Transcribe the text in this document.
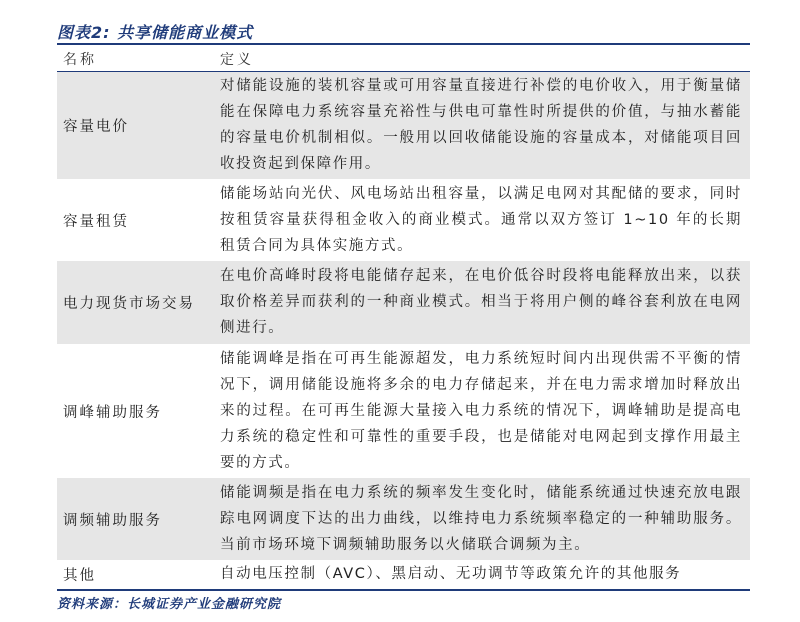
图表2: 共享储能商业模式
名称	定义
容量电价
对储能设施的装机容量或可用容量直接进行补偿的电价收入，用于衡量储能在保障电力系统容量充裕性与供电可靠性时所提供的价值，与抽水蓄能的容量电价机制相似。一般用以回收储能设施的容量成本，对储能项目回收投资起到保障作用。
容量租赁
储能场站向光伏、风电场站出租容量，以满足电网对其配储的要求，同时按租赁容量获得租金收入的商业模式。通常以双方签订 1~10 年的长期租赁合同为具体实施方式。
电力现货市场交易
在电价高峰时段将电能储存起来，在电价低谷时段将电能释放出来，以获取价格差异而获利的一种商业模式。相当于将用户侧的峰谷套利放在电网侧进行。
调峰辅助服务
储能调峰是指在可再生能源超发，电力系统短时间内出现供需不平衡的情况下，调用储能设施将多余的电力存储起来，并在电力需求增加时释放出来的过程。在可再生能源大量接入电力系统的情况下，调峰辅助是提高电力系统的稳定性和可靠性的重要手段，也是储能对电网起到支撑作用最主要的方式。
调频辅助服务
储能调频是指在电力系统的频率发生变化时，储能系统通过快速充放电跟踪电网调度下达的出力曲线，以维持电力系统频率稳定的一种辅助服务。当前市场环境下调频辅助服务以火储联合调频为主。
其他	自动电压控制（AVC）、黑启动、无功调节等政策允许的其他服务
资料来源：长城证券产业金融研究院
